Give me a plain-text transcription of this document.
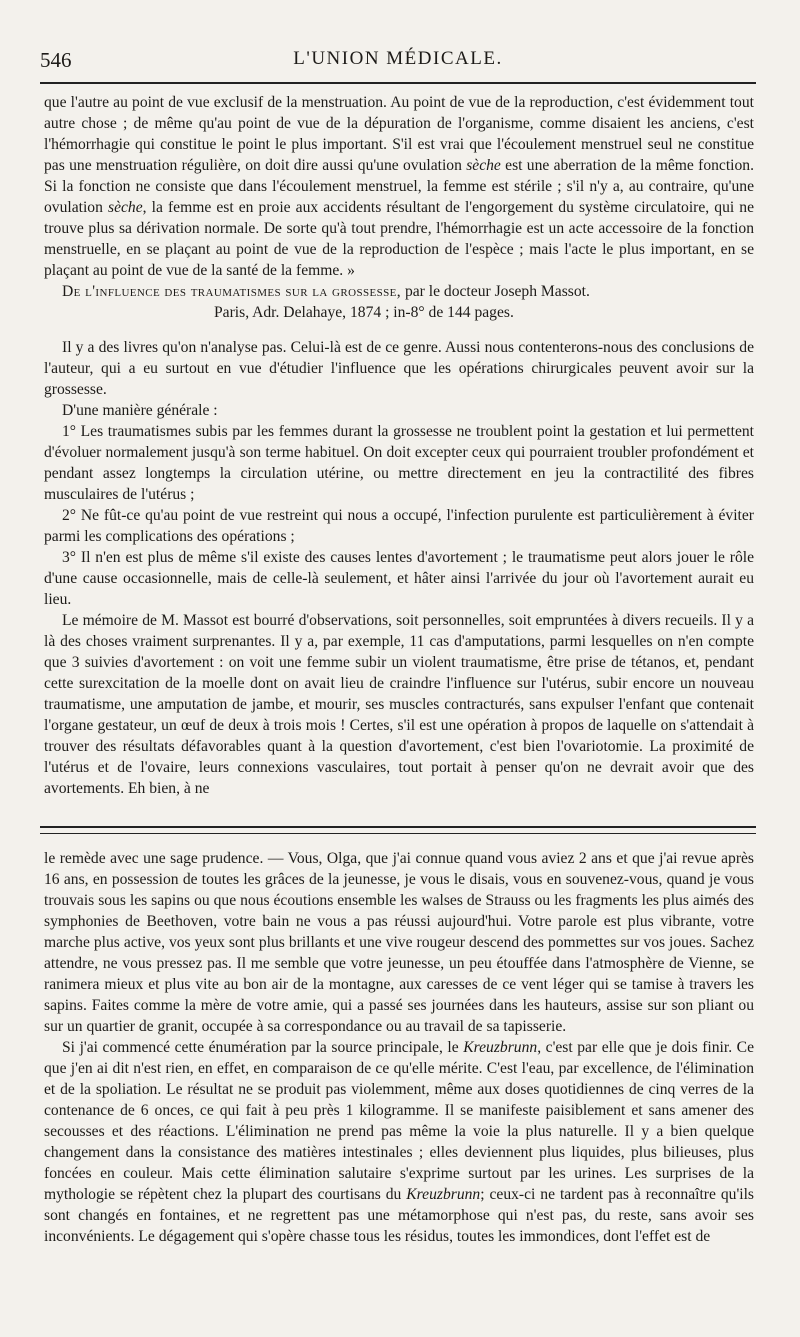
546	L'UNION MÉDICALE.

que l'autre au point de vue exclusif de la menstruation. Au point de vue de la reproduction, c'est évidemment tout autre chose ; de même qu'au point de vue de la dépuration de l'organisme, comme disaient les anciens, c'est l'hémorrhagie qui constitue le point le plus important. S'il est vrai que l'écoulement menstruel seul ne constitue pas une menstruation régulière, on doit dire aussi qu'une ovulation sèche est une aberration de la même fonction. Si la fonction ne consiste que dans l'écoulement menstruel, la femme est stérile ; s'il n'y a, au contraire, qu'une ovulation sèche, la femme est en proie aux accidents résultant de l'engorgement du système circulatoire, qui ne trouve plus sa dérivation normale. De sorte qu'à tout prendre, l'hémorrhagie est un acte accessoire de la fonction menstruelle, en se plaçant au point de vue de la reproduction de l'espèce ; mais l'acte le plus important, en se plaçant au point de vue de la santé de la femme. »

De l'influence des traumatismes sur la grossesse, par le docteur Joseph Massot.
Paris, Adr. Delahaye, 1874 ; in-8° de 144 pages.

Il y a des livres qu'on n'analyse pas. Celui-là est de ce genre. Aussi nous contenterons-nous des conclusions de l'auteur, qui a eu surtout en vue d'étudier l'influence que les opérations chirurgicales peuvent avoir sur la grossesse.

D'une manière générale :

1° Les traumatismes subis par les femmes durant la grossesse ne troublent point la gestation et lui permettent d'évoluer normalement jusqu'à son terme habituel. On doit excepter ceux qui pourraient troubler profondément et pendant assez longtemps la circulation utérine, ou mettre directement en jeu la contractilité des fibres musculaires de l'utérus ;

2° Ne fût-ce qu'au point de vue restreint qui nous a occupé, l'infection purulente est particulièrement à éviter parmi les complications des opérations ;

3° Il n'en est plus de même s'il existe des causes lentes d'avortement ; le traumatisme peut alors jouer le rôle d'une cause occasionnelle, mais de celle-là seulement, et hâter ainsi l'arrivée du jour où l'avortement aurait eu lieu.

Le mémoire de M. Massot est bourré d'observations, soit personnelles, soit empruntées à divers recueils. Il y a là des choses vraiment surprenantes. Il y a, par exemple, 11 cas d'amputations, parmi lesquelles on n'en compte que 3 suivies d'avortement : on voit une femme subir un violent traumatisme, être prise de tétanos, et, pendant cette surexcitation de la moelle dont on avait lieu de craindre l'influence sur l'utérus, subir encore un nouveau traumatisme, une amputation de jambe, et mourir, ses muscles contracturés, sans expulser l'enfant que contenait l'organe gestateur, un œuf de deux à trois mois ! Certes, s'il est une opération à propos de laquelle on s'attendait à trouver des résultats défavorables quant à la question d'avortement, c'est bien l'ovariotomie. La proximité de l'utérus et de l'ovaire, leurs connexions vasculaires, tout portait à penser qu'on ne devrait avoir que des avortements. Eh bien, à ne

le remède avec une sage prudence. — Vous, Olga, que j'ai connue quand vous aviez 2 ans et que j'ai revue après 16 ans, en possession de toutes les grâces de la jeunesse, je vous le disais, vous en souvenez-vous, quand je vous trouvais sous les sapins ou que nous écoutions ensemble les walses de Strauss ou les fragments les plus aimés des symphonies de Beethoven, votre bain ne vous a pas réussi aujourd'hui. Votre parole est plus vibrante, votre marche plus active, vos yeux sont plus brillants et une vive rougeur descend des pommettes sur vos joues. Sachez attendre, ne vous pressez pas. Il me semble que votre jeunesse, un peu étouffée dans l'atmosphère de Vienne, se ranimera mieux et plus vite au bon air de la montagne, aux caresses de ce vent léger qui se tamise à travers les sapins. Faites comme la mère de votre amie, qui a passé ses journées dans les hauteurs, assise sur son pliant ou sur un quartier de granit, occupée à sa correspondance ou au travail de sa tapisserie.

Si j'ai commencé cette énumération par la source principale, le Kreuzbrunn, c'est par elle que je dois finir. Ce que j'en ai dit n'est rien, en effet, en comparaison de ce qu'elle mérite. C'est l'eau, par excellence, de l'élimination et de la spoliation. Le résultat ne se produit pas violemment, même aux doses quotidiennes de cinq verres de la contenance de 6 onces, ce qui fait à peu près 1 kilogramme. Il se manifeste paisiblement et sans amener des secousses et des réactions. L'élimination ne prend pas même la voie la plus naturelle. Il y a bien quelque changement dans la consistance des matières intestinales ; elles deviennent plus liquides, plus bilieuses, plus foncées en couleur. Mais cette élimination salutaire s'exprime surtout par les urines. Les surprises de la mythologie se répètent chez la plupart des courtisans du Kreuzbrunn; ceux-ci ne tardent pas à reconnaître qu'ils sont changés en fontaines, et ne regrettent pas une métamorphose qui n'est pas, du reste, sans avoir ses inconvénients. Le dégagement qui s'opère chasse tous les résidus, toutes les immondices, dont l'effet est de
